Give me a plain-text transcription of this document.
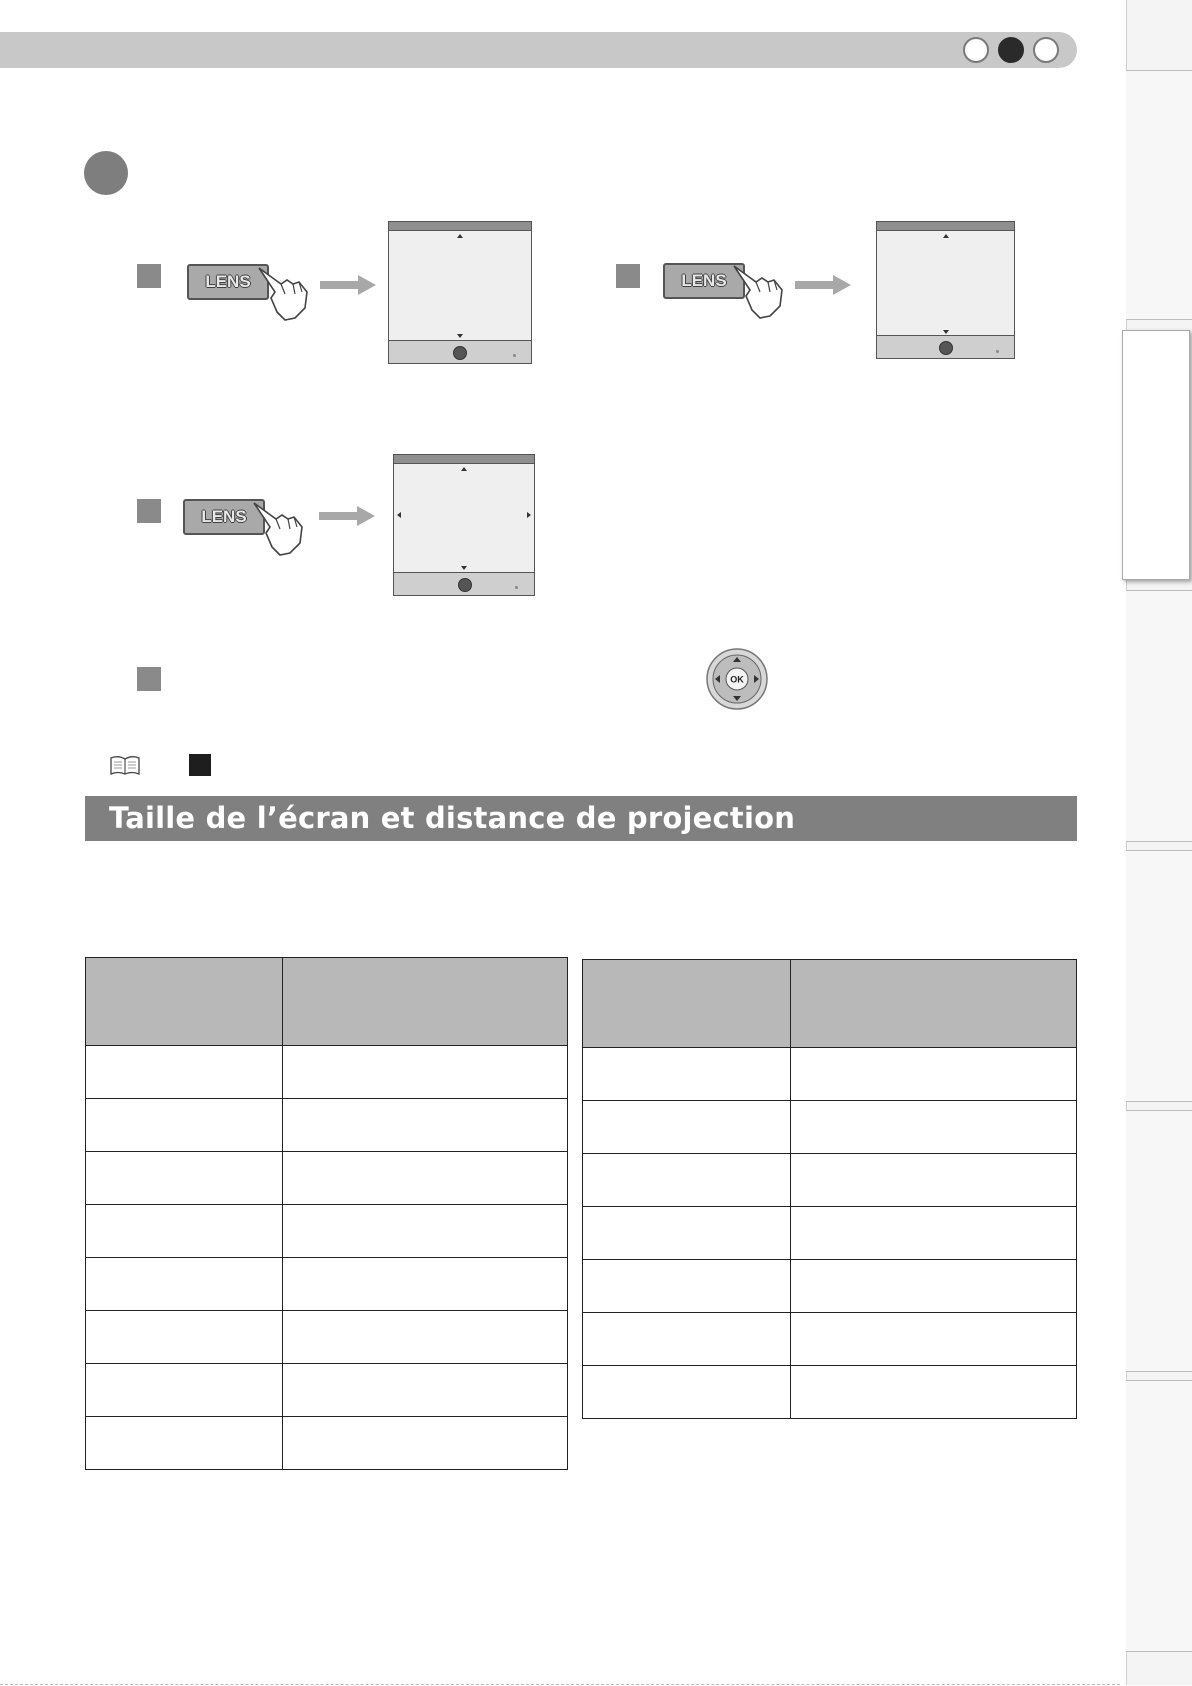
LENS	LENS
LENS
OK
Taille de l’écran et distance de projection
